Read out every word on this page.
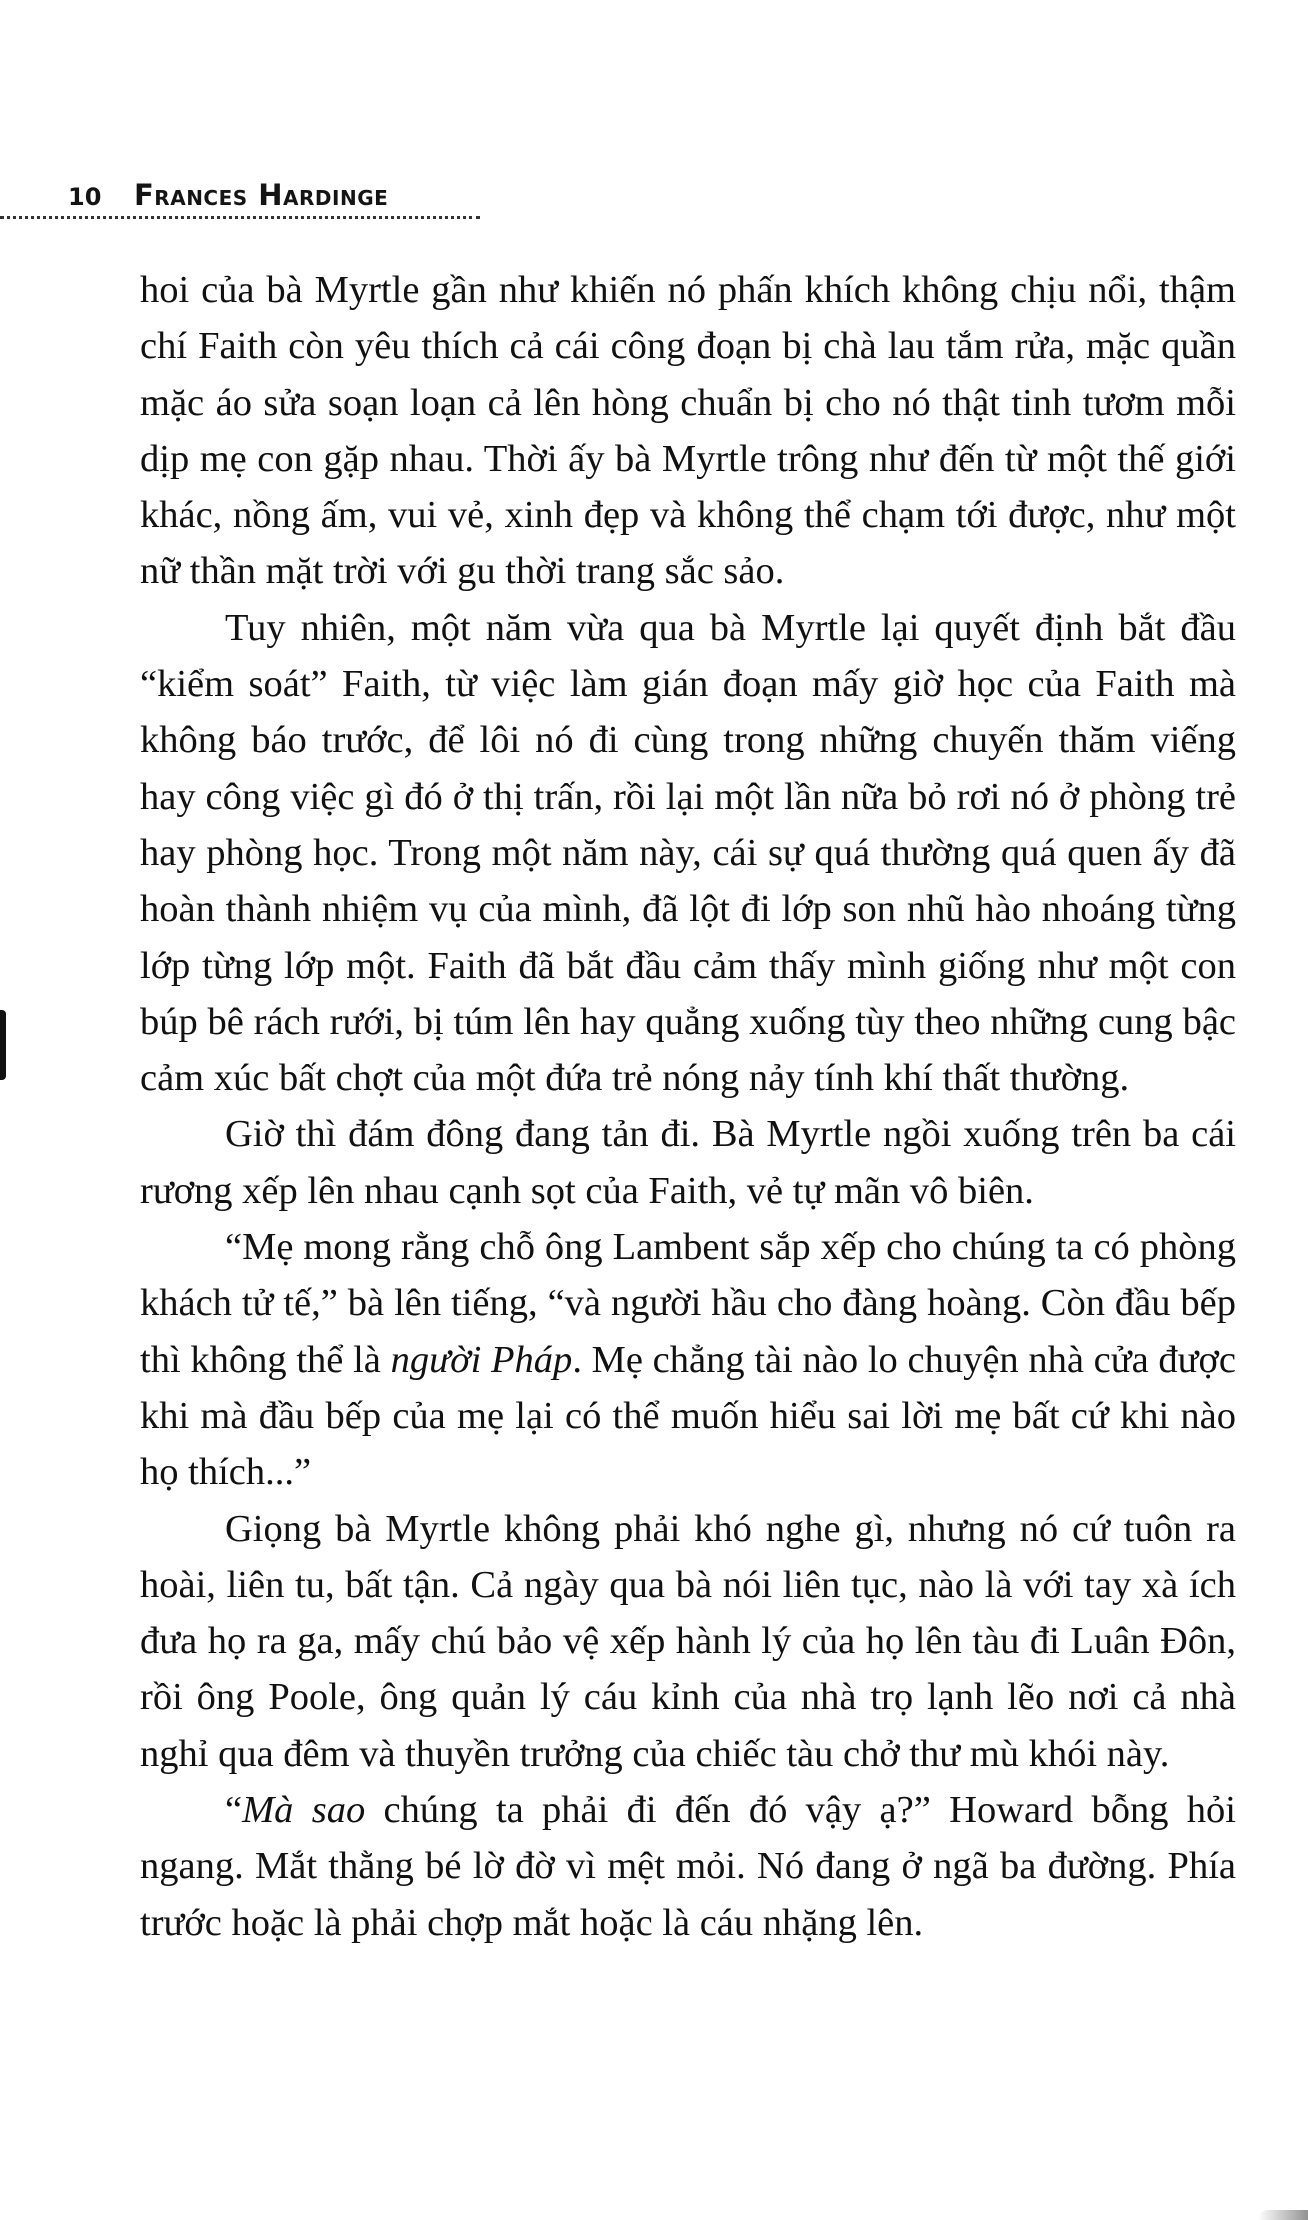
10	Frances Hardinge

hoi của bà Myrtle gần như khiến nó phấn khích không chịu nổi, thậm chí Faith còn yêu thích cả cái công đoạn bị chà lau tắm rửa, mặc quần mặc áo sửa soạn loạn cả lên hòng chuẩn bị cho nó thật tinh tươm mỗi dịp mẹ con gặp nhau. Thời ấy bà Myrtle trông như đến từ một thế giới khác, nồng ấm, vui vẻ, xinh đẹp và không thể chạm tới được, như một nữ thần mặt trời với gu thời trang sắc sảo.

Tuy nhiên, một năm vừa qua bà Myrtle lại quyết định bắt đầu “kiểm soát” Faith, từ việc làm gián đoạn mấy giờ học của Faith mà không báo trước, để lôi nó đi cùng trong những chuyến thăm viếng hay công việc gì đó ở thị trấn, rồi lại một lần nữa bỏ rơi nó ở phòng trẻ hay phòng học. Trong một năm này, cái sự quá thường quá quen ấy đã hoàn thành nhiệm vụ của mình, đã lột đi lớp son nhũ hào nhoáng từng lớp từng lớp một. Faith đã bắt đầu cảm thấy mình giống như một con búp bê rách rưới, bị túm lên hay quẳng xuống tùy theo những cung bậc cảm xúc bất chợt của một đứa trẻ nóng nảy tính khí thất thường.

Giờ thì đám đông đang tản đi. Bà Myrtle ngồi xuống trên ba cái rương xếp lên nhau cạnh sọt của Faith, vẻ tự mãn vô biên.

“Mẹ mong rằng chỗ ông Lambent sắp xếp cho chúng ta có phòng khách tử tế,” bà lên tiếng, “và người hầu cho đàng hoàng. Còn đầu bếp thì không thể là người Pháp. Mẹ chẳng tài nào lo chuyện nhà cửa được khi mà đầu bếp của mẹ lại có thể muốn hiểu sai lời mẹ bất cứ khi nào họ thích...”

Giọng bà Myrtle không phải khó nghe gì, nhưng nó cứ tuôn ra hoài, liên tu, bất tận. Cả ngày qua bà nói liên tục, nào là với tay xà ích đưa họ ra ga, mấy chú bảo vệ xếp hành lý của họ lên tàu đi Luân Đôn, rồi ông Poole, ông quản lý cáu kỉnh của nhà trọ lạnh lẽo nơi cả nhà nghỉ qua đêm và thuyền trưởng của chiếc tàu chở thư mù khói này.

“Mà sao chúng ta phải đi đến đó vậy ạ?” Howard bỗng hỏi ngang. Mắt thằng bé lờ đờ vì mệt mỏi. Nó đang ở ngã ba đường. Phía trước hoặc là phải chợp mắt hoặc là cáu nhặng lên.
